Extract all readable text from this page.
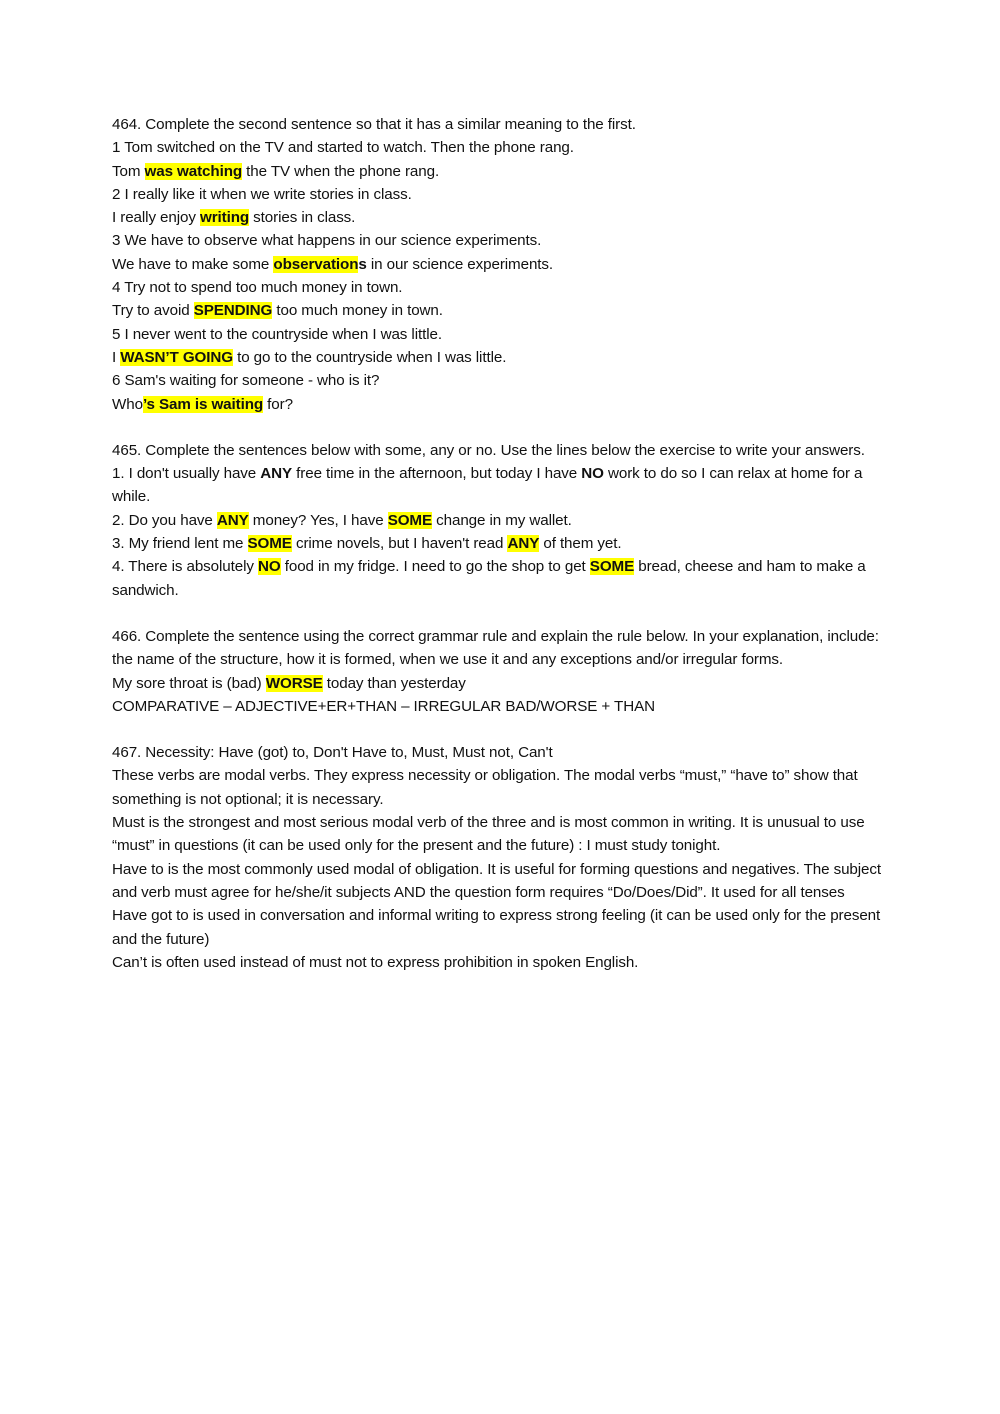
464. Complete the second sentence so that it has a similar meaning to the first.

1 Tom switched on the TV and started to watch. Then the phone rang.

Tom was watching the TV when the phone rang.

2 I really like it when we write stories in class.

I really enjoy writing stories in class.

3 We have to observe what happens in our science experiments.

We have to make some observations in our science experiments.

4 Try not to spend too much money in town.

Try to avoid SPENDING too much money in town.

5 I never went to the countryside when I was little.

I WASN’T GOING to go to the countryside when I was little.

6 Sam's waiting for someone - who is it?

Who’s Sam is waiting for?

465. Complete the sentences below with some, any or no. Use the lines below the exercise to write your answers.

1. I don't usually have ANY free time in the afternoon, but today I have NO work to do so I can relax at home for a while.

2. Do you have ANY money? Yes, I have SOME change in my wallet.

3. My friend lent me SOME crime novels, but I haven't read ANY of them yet.

4. There is absolutely NO food in my fridge. I need to go the shop to get SOME bread, cheese and ham to make a sandwich.

466. Complete the sentence using the correct grammar rule and explain the rule below. In your explanation, include: the name of the structure, how it is formed, when we use it and any exceptions and/or irregular forms.

My sore throat is (bad) WORSE today than yesterday

COMPARATIVE – ADJECTIVE+ER+THAN – IRREGULAR BAD/WORSE + THAN

467. Necessity: Have (got) to, Don't Have to, Must, Must not, Can't

These verbs are modal verbs. They express necessity or obligation. The modal verbs “must,” “have to” show that something is not optional; it is necessary.

Must is the strongest and most serious modal verb of the three and is most common in writing. It is unusual to use “must” in questions (it can be used only for the present and the future) : I must study tonight.

Have to is the most commonly used modal of obligation. It is useful for forming questions and negatives. The subject and verb must agree for he/she/it subjects AND the question form requires “Do/Does/Did”. It used for all tenses

Have got to is used in conversation and informal writing to express strong feeling (it can be used only for the present and the future)

Can’t is often used instead of must not to express prohibition in spoken English.
